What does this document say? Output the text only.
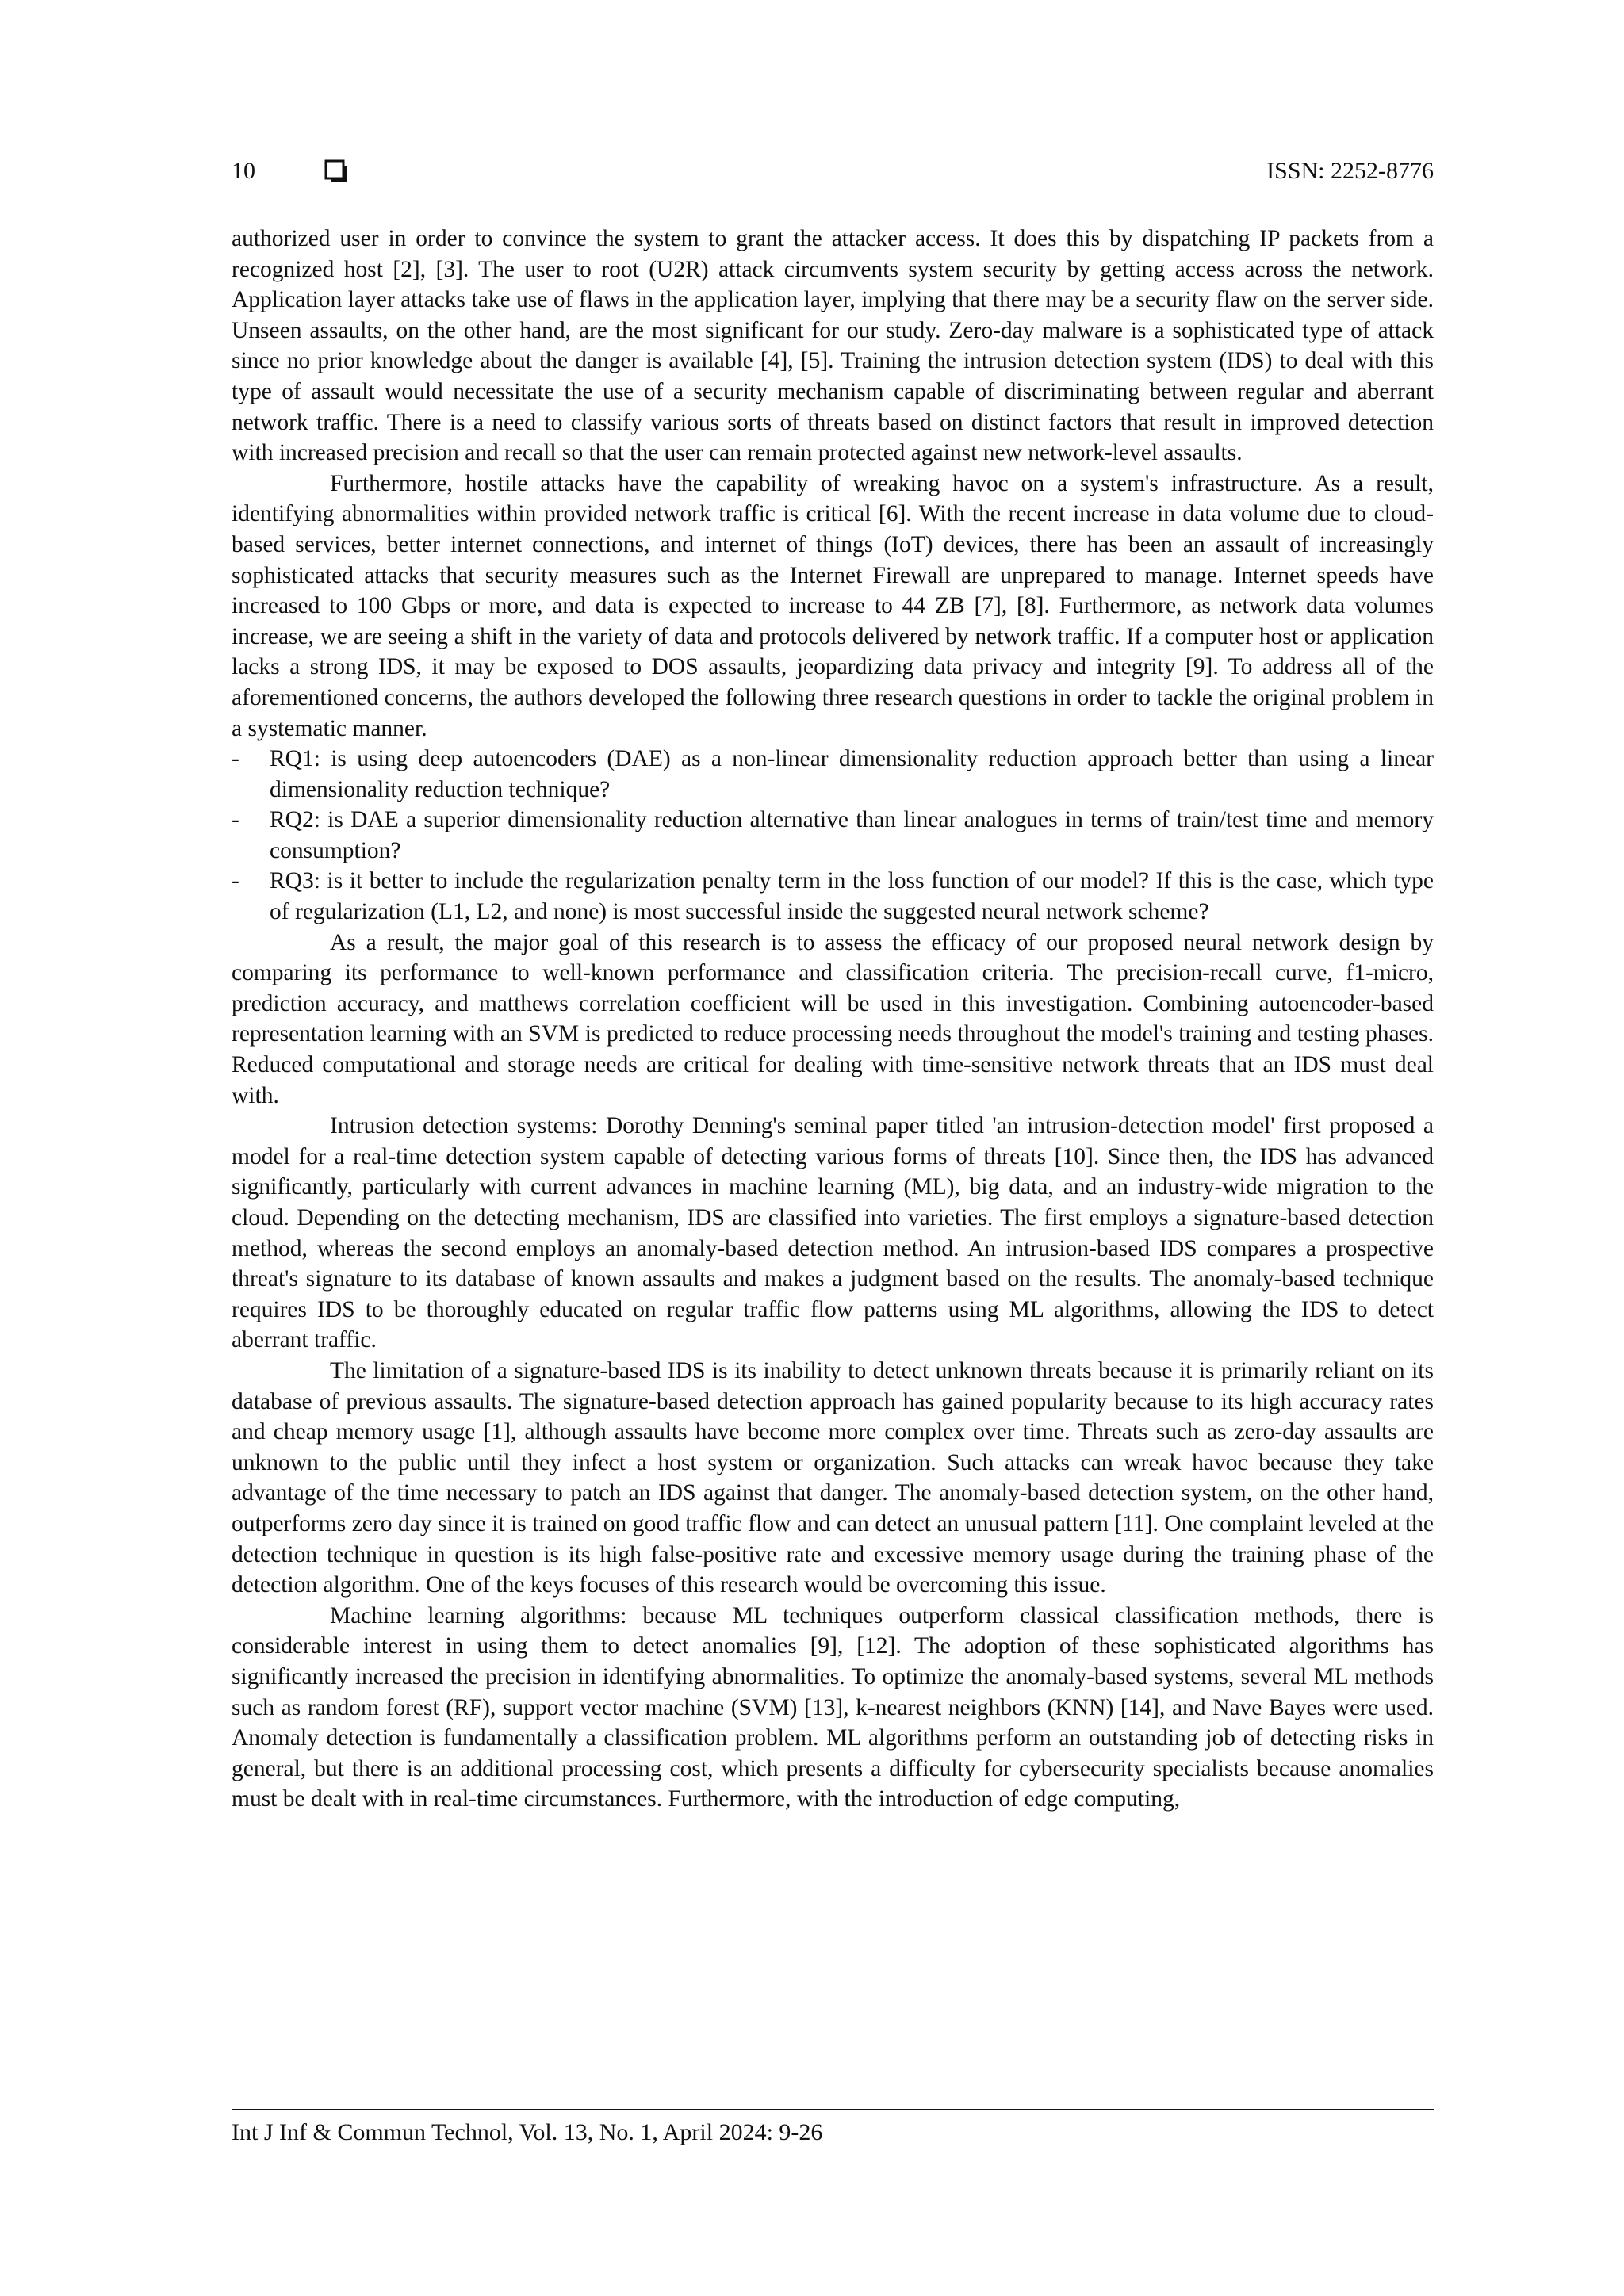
10	ISSN: 2252-8776

authorized user in order to convince the system to grant the attacker access. It does this by dispatching IP packets from a recognized host [2], [3]. The user to root (U2R) attack circumvents system security by getting access across the network. Application layer attacks take use of flaws in the application layer, implying that there may be a security flaw on the server side. Unseen assaults, on the other hand, are the most significant for our study. Zero-day malware is a sophisticated type of attack since no prior knowledge about the danger is available [4], [5]. Training the intrusion detection system (IDS) to deal with this type of assault would necessitate the use of a security mechanism capable of discriminating between regular and aberrant network traffic. There is a need to classify various sorts of threats based on distinct factors that result in improved detection with increased precision and recall so that the user can remain protected against new network-level assaults.

Furthermore, hostile attacks have the capability of wreaking havoc on a system's infrastructure. As a result, identifying abnormalities within provided network traffic is critical [6]. With the recent increase in data volume due to cloud-based services, better internet connections, and internet of things (IoT) devices, there has been an assault of increasingly sophisticated attacks that security measures such as the Internet Firewall are unprepared to manage. Internet speeds have increased to 100 Gbps or more, and data is expected to increase to 44 ZB [7], [8]. Furthermore, as network data volumes increase, we are seeing a shift in the variety of data and protocols delivered by network traffic. If a computer host or application lacks a strong IDS, it may be exposed to DOS assaults, jeopardizing data privacy and integrity [9]. To address all of the aforementioned concerns, the authors developed the following three research questions in order to tackle the original problem in a systematic manner.

- RQ1: is using deep autoencoders (DAE) as a non-linear dimensionality reduction approach better than using a linear dimensionality reduction technique?
- RQ2: is DAE a superior dimensionality reduction alternative than linear analogues in terms of train/test time and memory consumption?
- RQ3: is it better to include the regularization penalty term in the loss function of our model? If this is the case, which type of regularization (L1, L2, and none) is most successful inside the suggested neural network scheme?

As a result, the major goal of this research is to assess the efficacy of our proposed neural network design by comparing its performance to well-known performance and classification criteria. The precision-recall curve, f1-micro, prediction accuracy, and matthews correlation coefficient will be used in this investigation. Combining autoencoder-based representation learning with an SVM is predicted to reduce processing needs throughout the model's training and testing phases. Reduced computational and storage needs are critical for dealing with time-sensitive network threats that an IDS must deal with.

Intrusion detection systems: Dorothy Denning's seminal paper titled 'an intrusion-detection model' first proposed a model for a real-time detection system capable of detecting various forms of threats [10]. Since then, the IDS has advanced significantly, particularly with current advances in machine learning (ML), big data, and an industry-wide migration to the cloud. Depending on the detecting mechanism, IDS are classified into varieties. The first employs a signature-based detection method, whereas the second employs an anomaly-based detection method. An intrusion-based IDS compares a prospective threat's signature to its database of known assaults and makes a judgment based on the results. The anomaly-based technique requires IDS to be thoroughly educated on regular traffic flow patterns using ML algorithms, allowing the IDS to detect aberrant traffic.

The limitation of a signature-based IDS is its inability to detect unknown threats because it is primarily reliant on its database of previous assaults. The signature-based detection approach has gained popularity because to its high accuracy rates and cheap memory usage [1], although assaults have become more complex over time. Threats such as zero-day assaults are unknown to the public until they infect a host system or organization. Such attacks can wreak havoc because they take advantage of the time necessary to patch an IDS against that danger. The anomaly-based detection system, on the other hand, outperforms zero day since it is trained on good traffic flow and can detect an unusual pattern [11]. One complaint leveled at the detection technique in question is its high false-positive rate and excessive memory usage during the training phase of the detection algorithm. One of the keys focuses of this research would be overcoming this issue.

Machine learning algorithms: because ML techniques outperform classical classification methods, there is considerable interest in using them to detect anomalies [9], [12]. The adoption of these sophisticated algorithms has significantly increased the precision in identifying abnormalities. To optimize the anomaly-based systems, several ML methods such as random forest (RF), support vector machine (SVM) [13], k-nearest neighbors (KNN) [14], and Nave Bayes were used. Anomaly detection is fundamentally a classification problem. ML algorithms perform an outstanding job of detecting risks in general, but there is an additional processing cost, which presents a difficulty for cybersecurity specialists because anomalies must be dealt with in real-time circumstances. Furthermore, with the introduction of edge computing,

Int J Inf & Commun Technol, Vol. 13, No. 1, April 2024: 9-26
